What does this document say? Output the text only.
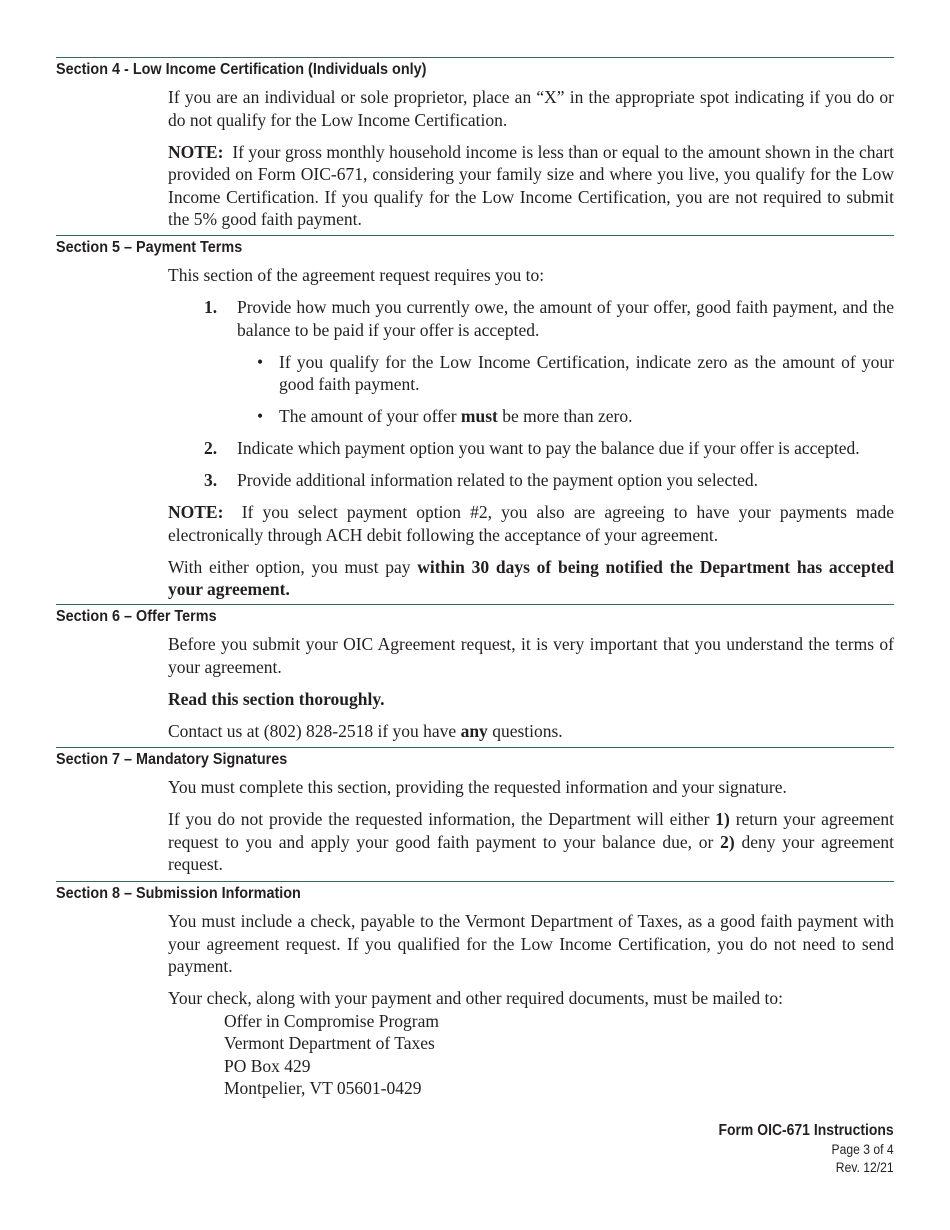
Section 4 - Low Income Certification (Individuals only)

If you are an individual or sole proprietor, place an “X” in the appropriate spot indicating if you do or do not qualify for the Low Income Certification.

NOTE: If your gross monthly household income is less than or equal to the amount shown in the chart provided on Form OIC-671, considering your family size and where you live, you qualify for the Low Income Certification. If you qualify for the Low Income Certification, you are not required to submit the 5% good faith payment.

Section 5 – Payment Terms

This section of the agreement request requires you to:

1. Provide how much you currently owe, the amount of your offer, good faith payment, and the balance to be paid if your offer is accepted.
• If you qualify for the Low Income Certification, indicate zero as the amount of your good faith payment.
• The amount of your offer must be more than zero.
2. Indicate which payment option you want to pay the balance due if your offer is accepted.
3. Provide additional information related to the payment option you selected.

NOTE: If you select payment option #2, you also are agreeing to have your payments made electronically through ACH debit following the acceptance of your agreement.

With either option, you must pay within 30 days of being notified the Department has accepted your agreement.

Section 6 – Offer Terms

Before you submit your OIC Agreement request, it is very important that you understand the terms of your agreement.

Read this section thoroughly.

Contact us at (802) 828-2518 if you have any questions.

Section 7 – Mandatory Signatures

You must complete this section, providing the requested information and your signature.

If you do not provide the requested information, the Department will either 1) return your agreement request to you and apply your good faith payment to your balance due, or 2) deny your agreement request.

Section 8 – Submission Information

You must include a check, payable to the Vermont Department of Taxes, as a good faith payment with your agreement request. If you qualified for the Low Income Certification, you do not need to send payment.

Your check, along with your payment and other required documents, must be mailed to:

Offer in Compromise Program
Vermont Department of Taxes
PO Box 429
Montpelier, VT 05601-0429
Form OIC-671 Instructions
Page 3 of 4
Rev. 12/21
